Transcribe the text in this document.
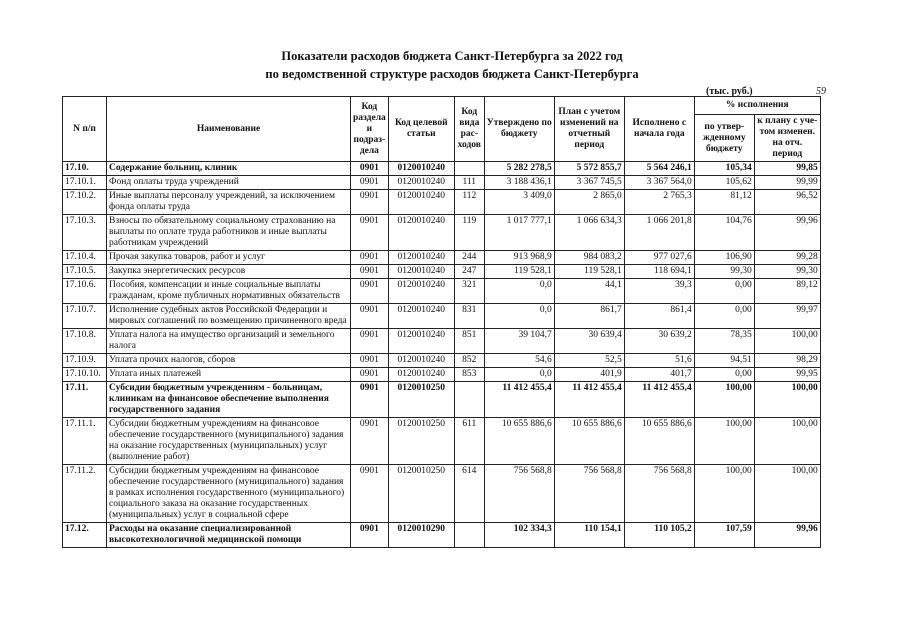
Показатели расходов бюджета Санкт-Петербурга за 2022 год
по ведомственной структуре расходов бюджета Санкт-Петербурга
(тыс. руб.)	59
N п/п	Наименование	Код раздела и подраз-дела	Код целевой статьи	Код вида рас-ходов	Утверждено по бюджету	План с учетом изменений на отчетный период	Исполнено с начала года	% исполнения	
								по утвер-жденному бюджету	к плану с уче-том изменен. на отч. период
17.10.	Содержание больниц, клиник	0901	0120010240		5 282 278,5	5 572 855,7	5 564 246,1	105,34	99,85
17.10.1.	Фонд оплаты труда учреждений	0901	0120010240	111	3 188 436,1	3 367 745,5	3 367 564,0	105,62	99,99
17.10.2.	Иные выплаты персоналу учреждений, за исключением фонда оплаты труда	0901	0120010240	112	3 409,0	2 865,0	2 765,3	81,12	96,52
17.10.3.	Взносы по обязательному социальному страхованию на выплаты по оплате труда работников и иные выплаты работникам учреждений	0901	0120010240	119	1 017 777,1	1 066 634,3	1 066 201,8	104,76	99,96
17.10.4.	Прочая закупка товаров, работ и услуг	0901	0120010240	244	913 968,9	984 083,2	977 027,6	106,90	99,28
17.10.5.	Закупка энергетических ресурсов	0901	0120010240	247	119 528,1	119 528,1	118 694,1	99,30	99,30
17.10.6.	Пособия, компенсации и иные социальные выплаты гражданам, кроме публичных нормативных обязательств	0901	0120010240	321	0,0	44,1	39,3	0,00	89,12
17.10.7.	Исполнение судебных актов Российской Федерации и мировых соглашений по возмещению причиненного вреда	0901	0120010240	831	0,0	861,7	861,4	0,00	99,97
17.10.8.	Уплата налога на имущество организаций и земельного налога	0901	0120010240	851	39 104,7	30 639,4	30 639,2	78,35	100,00
17.10.9.	Уплата прочих налогов, сборов	0901	0120010240	852	54,6	52,5	51,6	94,51	98,29
17.10.10.	Уплата иных платежей	0901	0120010240	853	0,0	401,9	401,7	0,00	99,95
17.11.	Субсидии бюджетным учреждениям - больницам, клиникам на финансовое обеспечение выполнения государственного задания	0901	0120010250		11 412 455,4	11 412 455,4	11 412 455,4	100,00	100,00
17.11.1.	Субсидии бюджетным учреждениям на финансовое обеспечение государственного (муниципального) задания на оказание государственных (муниципальных) услуг (выполнение работ)	0901	0120010250	611	10 655 886,6	10 655 886,6	10 655 886,6	100,00	100,00
17.11.2.	Субсидии бюджетным учреждениям на финансовое обеспечение государственного (муниципального) задания в рамках исполнения государственного (муниципального) социального заказа на оказание государственных (муниципальных) услуг в социальной сфере	0901	0120010250	614	756 568,8	756 568,8	756 568,8	100,00	100,00
17.12.	Расходы на оказание специализированной высокотехнологичной медицинской помощи	0901	0120010290		102 334,3	110 154,1	110 105,2	107,59	99,96
